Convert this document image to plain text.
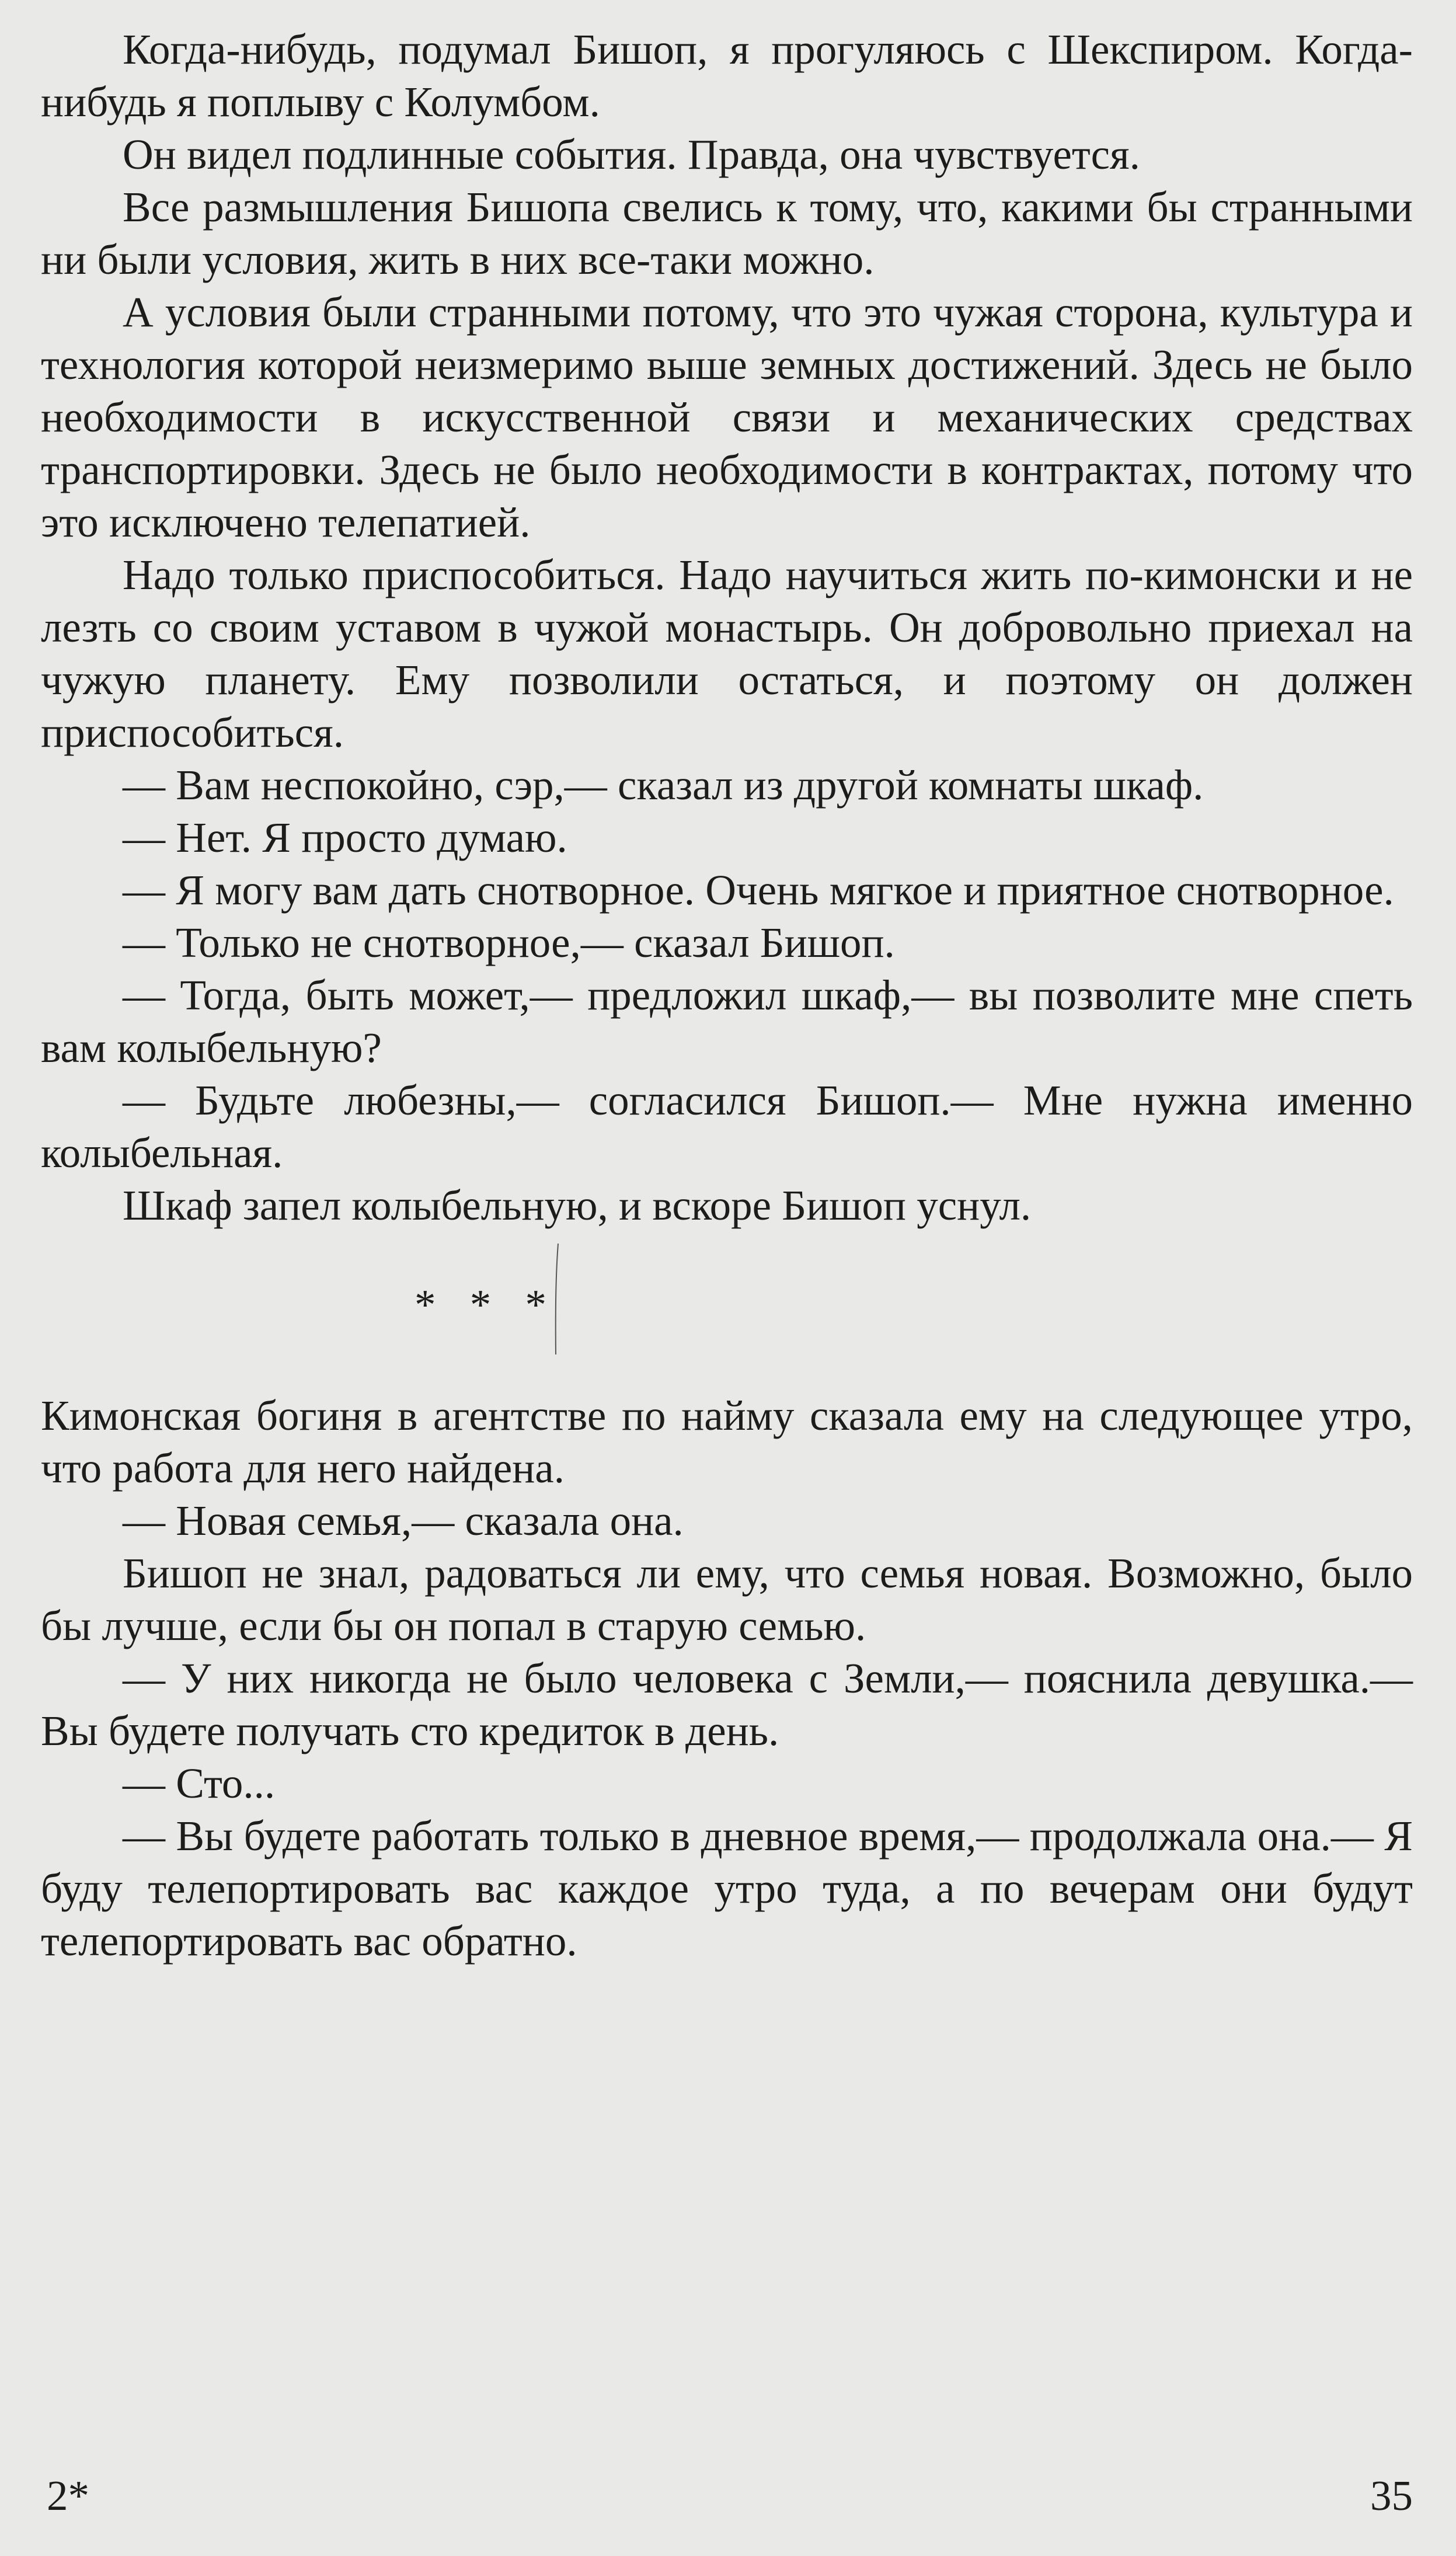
Когда-нибудь, подумал Бишоп, я прогуляюсь с Шекспиром. Когда-нибудь я поплыву с Колумбом.

Он видел подлинные события. Правда, она чувствуется.

Все размышления Бишопа свелись к тому, что, какими бы странными ни были условия, жить в них все-таки можно.

А условия были странными потому, что это чужая сторона, культура и технология которой неизмеримо выше земных достижений. Здесь не было необходимости в искусственной связи и механических средствах транспортировки. Здесь не было необходимости в контрактах, потому что это исключено телепатией.

Надо только приспособиться. Надо научиться жить по-кимонски и не лезть со своим уставом в чужой монастырь. Он добровольно приехал на чужую планету. Ему позволили остаться, и поэтому он должен приспособиться.

— Вам неспокойно, сэр,— сказал из другой комнаты шкаф.

— Нет. Я просто думаю.

— Я могу вам дать снотворное. Очень мягкое и приятное снотворное.

— Только не снотворное,— сказал Бишоп.

— Тогда, быть может,— предложил шкаф,— вы позволите мне спеть вам колыбельную?

— Будьте любезны,— согласился Бишоп.— Мне нужна именно колыбельная.

Шкаф запел колыбельную, и вскоре Бишоп уснул.

* * *

Кимонская богиня в агентстве по найму сказала ему на следующее утро, что работа для него найдена.

— Новая семья,— сказала она.

Бишоп не знал, радоваться ли ему, что семья новая. Возможно, было бы лучше, если бы он попал в старую семью.

— У них никогда не было человека с Земли,— пояснила девушка.— Вы будете получать сто кредиток в день.

— Сто...

— Вы будете работать только в дневное время,— продолжала она.— Я буду телепортировать вас каждое утро туда, а по вечерам они будут телепортировать вас обратно.

2*	35
